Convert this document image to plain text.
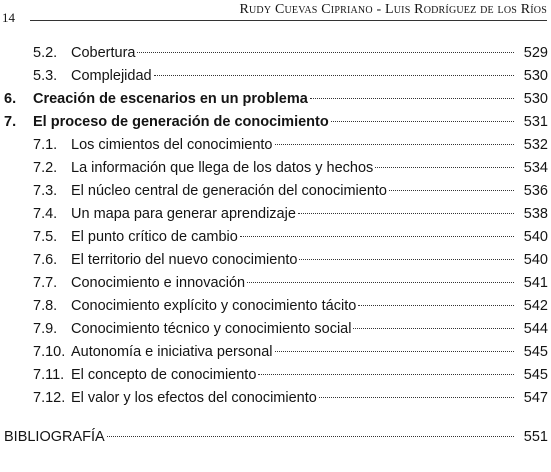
14
Rudy Cuevas Cipriano - Luis Rodríguez de los Ríos
5.2. Cobertura	529
5.3. Complejidad	530
6.	Creación de escenarios en un problema	530
7.	El proceso de generación de conocimiento	531
7.1. Los cimientos del conocimiento	532
7.2. La información que llega de los datos y hechos	534
7.3. El núcleo central de generación del conocimiento	536
7.4. Un mapa para generar aprendizaje	538
7.5. El punto crítico de cambio	540
7.6. El territorio del nuevo conocimiento	540
7.7. Conocimiento e innovación	541
7.8. Conocimiento explícito y conocimiento tácito	542
7.9. Conocimiento técnico y conocimiento social	544
7.10. Autonomía e iniciativa personal	545
7.11. El concepto de conocimiento	545
7.12. El valor y los efectos del conocimiento	547
BIBLIOGRAFÍA	551
